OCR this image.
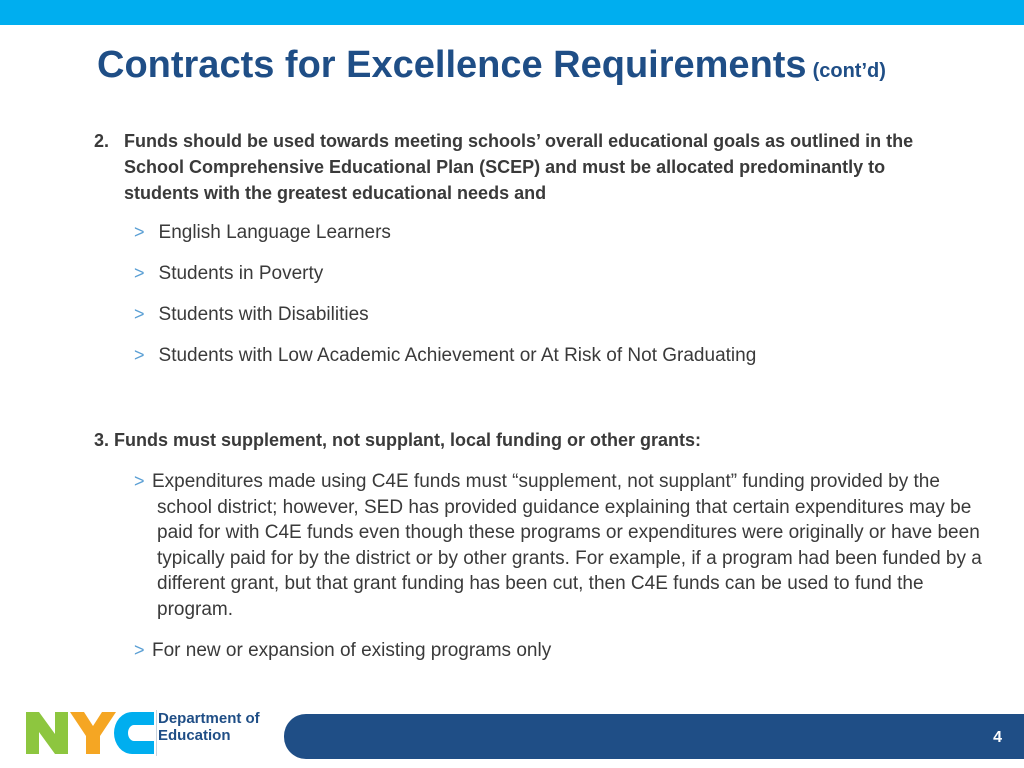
Contracts for Excellence Requirements (cont’d)
2. Funds should be used towards meeting schools’ overall educational goals as outlined in the School Comprehensive Educational Plan (SCEP) and must be allocated predominantly to students with the greatest educational needs and
> English Language Learners
> Students in Poverty
> Students with Disabilities
> Students with Low Academic Achievement or At Risk of Not Graduating
3. Funds must supplement, not supplant, local funding or other grants:
> Expenditures made using C4E funds must “supplement, not supplant” funding provided by the school district; however, SED has provided guidance explaining that certain expenditures may be paid for with C4E funds even though these programs or expenditures were originally or have been typically paid for by the district or by other grants. For example, if a program had been funded by a different grant, but that grant funding has been cut, then C4E funds can be used to fund the program.
> For new or expansion of existing programs only
Department of
Education	4
